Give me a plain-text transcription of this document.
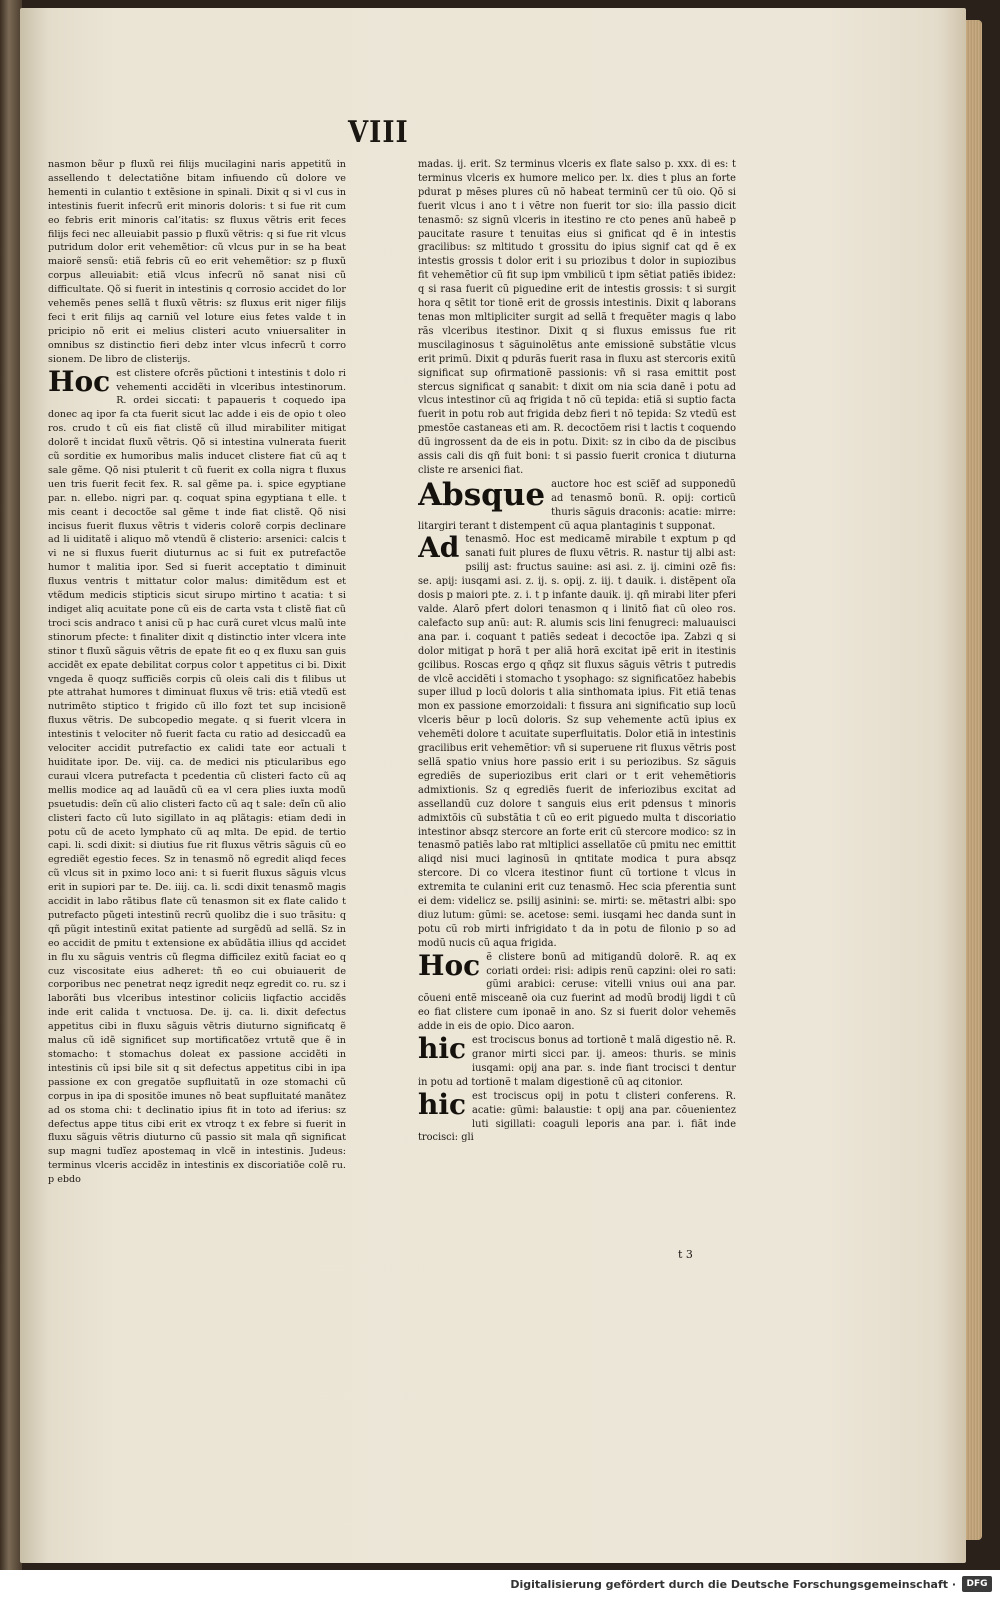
VIII

nasmon bẽur p fluxũ rei filijs mucilagini naris appetitũ in assellendo t delectatiõne bitam infiuendo cũ dolore ve hementi in culantio t extẽsione in spinali. Dixit q si vl cus in intestinis fuerit infecrũ erit minoris doloris: t si fue rit cum eo febris erit minoris cal’itatis: sz fluxus vẽtris erit feces filijs feci nec alleuiabit passio p fluxũ vẽtris: q si fue rit vlcus putridum dolor erit vehemẽtior: cũ vlcus pur in se ha beat maiorẽ sensũ: etiã febris cũ eo erit vehemẽtior: sz p fluxũ corpus alleuiabit: etiã vlcus infecrũ nõ sanat nisi cũ difficultate. Qõ si fuerit in intestinis q corrosio accidet do lor vehemẽs penes sellã t fluxũ vẽtris: sz fluxus erit niger filijs feci t erit filijs aq carniũ vel loture eius fetes valde t in pricipio nõ erit ei melius clisteri acuto vniuersaliter in omnibus sz distinctio fieri debz inter vlcus infecrũ t corro sionem. De libro de clisterijs.

Hoc est clistere ofcrẽs pũctioni t intestinis t dolo ri vehementi accidẽti in vlceribus intestinorum. R. ordei siccati: t papaueris t coquedo ipa donec aq ipor fa cta fuerit sicut lac adde i eis de opio t oleo ros. crudo t cũ eis fiat clistẽ cũ illud mirabiliter mitigat dolorẽ t incidat fluxũ vẽtris. Qõ si intestina vulnerata fuerit cũ sorditie ex humoribus malis inducet clistere fiat cũ aq t sale gẽme. Qõ nisi ptulerit t cũ fuerit ex colla nigra t fluxus uen tris fuerit fecit fex. R. sal gẽme pa. i. spice egyptiane par. n. ellebo. nigri par. q. coquat spina egyptiana t elle. t mis ceant i decoctõe sal gẽme t inde fiat clistẽ. Qõ nisi incisus fuerit fluxus vẽtris t videris colorẽ corpis declinare ad li uiditatẽ i aliquo mõ vtendũ ẽ clisterio: arsenici: calcis t vi ne si fluxus fuerit diuturnus ac si fuit ex putrefactõe humor t malitia ipor. Sed si fuerit acceptatio t diminuit fluxus ventris t mittatur color malus: dimitẽdum est et vtẽdum medicis stipticis sicut sirupo mirtino t acatia: t si indiget aliq acuitate pone cũ eis de carta vsta t clistẽ fiat cũ troci scis andraco t anisi cũ p hac curã curet vlcus malũ inte stinorum pfecte: t finaliter dixit q distinctio inter vlcera inte stinor t fluxũ sãguis vẽtris de epate fit eo q ex fluxu san guis accidẽt ex epate debilitat corpus color t appetitus ci bi. Dixit vngeda ẽ quoqz sufficiẽs corpis cũ oleis cali dis t filibus ut pte attrahat humores t diminuat fluxus vẽ tris: etiã vtedũ est nutrimẽto stiptico t frigido cũ illo fozt tet sup incisionẽ fluxus vẽtris. De subcopedio megate. q si fuerit vlcera in intestinis t velociter nõ fuerit facta cu ratio ad desiccadũ ea velociter accidit putrefactio ex calidi tate eor actuali t huiditate ipor. De. viij. ca. de medici nis pticularibus ego curaui vlcera putrefacta t pcedentia cũ clisteri facto cũ aq mellis modice aq ad lauãdũ cũ ea vl cera plies iuxta modũ psuetudis: deĩn cũ alio clisteri facto cũ aq t sale: deĩn cũ alio clisteri facto cũ luto sigillato in aq plãtagis: etiam dedi in potu cũ de aceto lymphato cũ aq mlta. De epid. de tertio capi. li. scdi dixit: si diutius fue rit fluxus vẽtris sãguis cũ eo egrediẽt egestio feces. Sz in tenasmõ nõ egredit aliqd feces cũ vlcus sit in pximo loco ani: t si fuerit fluxus sãguis vlcus erit in supiori par te. De. iiij. ca. li. scdi dixit tenasmõ magis accidit in labo rãtibus flate cũ tenasmon sit ex flate calido t putrefacto pũgeti intestinũ recrũ quolibz die i suo trãsitu: q qñ pũgit intestinũ exitat patiente ad surgẽdũ ad sellã. Sz in eo accidit de pmitu t extensione ex abũdãtia illius qd accidet in flu xu sãguis ventris cũ flegma difficilez exitũ faciat eo q cuz viscositate eius adheret: tñ eo cui obuiauerit de corporibus nec penetrat neqz igredit neqz egredit co. ru. sz i laborãti bus vlceribus intestinor coliciis liqfactio accidẽs inde erit calida t vnctuosa. De. ij. ca. li. dixit defectus appetitus cibi in fluxu sãguis vẽtris diuturno significatq ẽ malus cũ idẽ significet sup mortificatõez vrtutẽ que ẽ in stomacho: t stomachus doleat ex passione accidẽti in intestinis cũ ipsi bile sit q sit defectus appetitus cibi in ipa passione ex con gregatõe supfluitatũ in oze stomachi cũ corpus in ipa di spositõe imunes nõ beat supfluitaté manãtez ad os stoma chi: t declinatio ipius fit in toto ad iferius: sz defectus appe titus cibi erit ex vtroqz t ex febre si fuerit in fluxu sãguis vẽtris diuturno cũ passio sit mala qñ significat sup magni tudĩez apostemaq in vlcẽ in intestinis. Judeus: terminus vlceris accidẽz in intestinis ex discoriatiõe colẽ ru. p ebdo

madas. ij. erit. Sz terminus vlceris ex flate salso p. xxx. di es: t terminus vlceris ex humore melico per. lx. dies t plus an forte pdurat p mẽses plures cũ nõ habeat terminũ cer tũ oio. Qõ si fuerit vlcus i ano t i vẽtre non fuerit tor sio: illa passio dicit tenasmõ: sz signũ vlceris in itestino re cto penes anũ habeẽ p paucitate rasure t tenuitas eius si gnificat qd ẽ in intestis gracilibus: sz mltitudo t grossitu do ipius signif cat qd ẽ ex intestis grossis t dolor erit i su priozibus t dolor in supiozibus fit vehemẽtior cũ fit sup ipm vmbilicũ t ipm sẽtiat patiẽs ibidez: q si rasa fuerit cũ piguedine erit de intestis grossis: t si surgit hora q sẽtit tor tionẽ erit de grossis intestinis. Dixit q laborans tenas mon mltipliciter surgit ad sellã t frequẽter magis q labo rãs vlceribus itestinor. Dixit q si fluxus emissus fue rit muscilaginosus t sãguinolẽtus ante emissionẽ substãtie vlcus erit primũ. Dixit q pdurãs fuerit rasa in fluxu ast stercoris exitũ significat sup ofirmationẽ passionis: vñ si rasa emittit post stercus significat q sanabit: t dixit om nia scia danẽ i potu ad vlcus intestinor cũ aq frigida t nõ cũ tepida: etiã si suptio facta fuerit in potu rob aut frigida debz fieri t nõ tepida: Sz vtedũ est pmestõe castaneas eti am. R. decoctõem risi t lactis t coquendo dũ ingrossent da de eis in potu. Dixit: sz in cibo da de piscibus assis cali dis qñ fuit boni: t si passio fuerit cronica t diuturna cliste re arsenici fiat.

Absque auctore hoc est sciẽf ad supponedũ ad tenasmõ bonũ. R. opij: corticũ thuris sãguis draconis: acatie: mirre: litargiri terant t distempent cũ aqua plantaginis t supponat.

Ad tenasmõ. Hoc est medicamẽ mirabile t exptum p qd sanati fuit plures de fluxu vẽtris. R. nastur tij albi ast: psilij ast: fructus sauine: asi asi. z. ij. cimini ozẽ fis: se. apij: iusqami asi. z. ij. s. opij. z. iij. t dauik. i. distẽpent oĩa dosis p maiori pte. z. i. t p infante dauik. ij. qñ mirabi liter pferi valde. Alarõ pfert dolori tenasmon q i linitõ fiat cũ oleo ros. calefacto sup anũ: aut: R. alumis scis lini fenugreci: maluauisci ana par. i. coquant t patiẽs sedeat i decoctõe ipa. Zabzi q si dolor mitigat p horã t per aliã horã excitat ipẽ erit in itestinis gcilibus. Roscas ergo q qñqz sit fluxus sãguis vẽtris t putredis de vlcẽ accidẽti i stomacho t ysophago: sz significatõez habebis super illud p locũ doloris t alia sinthomata ipius. Fit etiã tenas mon ex passione emorzoidali: t fissura ani significatio sup locũ vlceris bẽur p locũ doloris. Sz sup vehemente actũ ipius ex vehemẽti dolore t acuitate superfluitatis. Dolor etiã in intestinis gracilibus erit vehemẽtior: vñ si superuene rit fluxus vẽtris post sellã spatio vnius hore passio erit i su periozibus. Sz sãguis egrediẽs de superiozibus erit clari or t erit vehemẽtioris admixtionis. Sz q egrediẽs fuerit de inferiozibus excitat ad assellandũ cuz dolore t sanguis eius erit pdensus t minoris admixtõis cũ substãtia t cũ eo erit piguedo multa t discoriatio intestinor absqz stercore an forte erit cũ stercore modico: sz in tenasmõ patiẽs labo rat mltiplici assellatõe cũ pmitu nec emittit aliqd nisi muci laginosũ in qntitate modica t pura absqz stercore. Di co vlcera itestinor fiunt cũ tortione t vlcus in extremita te culanini erit cuz tenasmõ. Hec scia pferentia sunt ei dem: videlicz se. psilij asinini: se. mirti: se. mẽtastri albi: spo diuz lutum: gũmi: se. acetose: semi. iusqami hec danda sunt in potu cũ rob mirti infrigidato t da in potu de filonio p so ad modũ nucis cũ aqua frigida.

Hoc ẽ clistere bonũ ad mitigandũ dolorẽ. R. aq ex coriati ordei: risi: adipis renũ capzini: olei ro sati: gũmi arabici: ceruse: vitelli vnius oui ana par. cõueni entẽ misceanẽ oia cuz fuerint ad modũ brodij ligdi t cũ eo fiat clistere cum iponaẽ in ano. Sz si fuerit dolor vehemẽs adde in eis de opio. Dico aaron.

hic est trociscus bonus ad tortionẽ t malã digestio nẽ. R. granor mirti sicci par. ij. ameos: thuris. se minis iusqami: opij ana par. s. inde fiant trocisci t dentur in potu ad tortionẽ t malam digestionẽ cũ aq citonior.

hic est trociscus opij in potu t clisteri conferens. R. acatie: gũmi: balaustie: t opij ana par. cõuenientez luti sigillati: coaguli leporis ana par. i. fiãt inde trocisci: gli

t 3
Digitalisierung gefördert durch die Deutsche Forschungsgemeinschaft ·	DFG
